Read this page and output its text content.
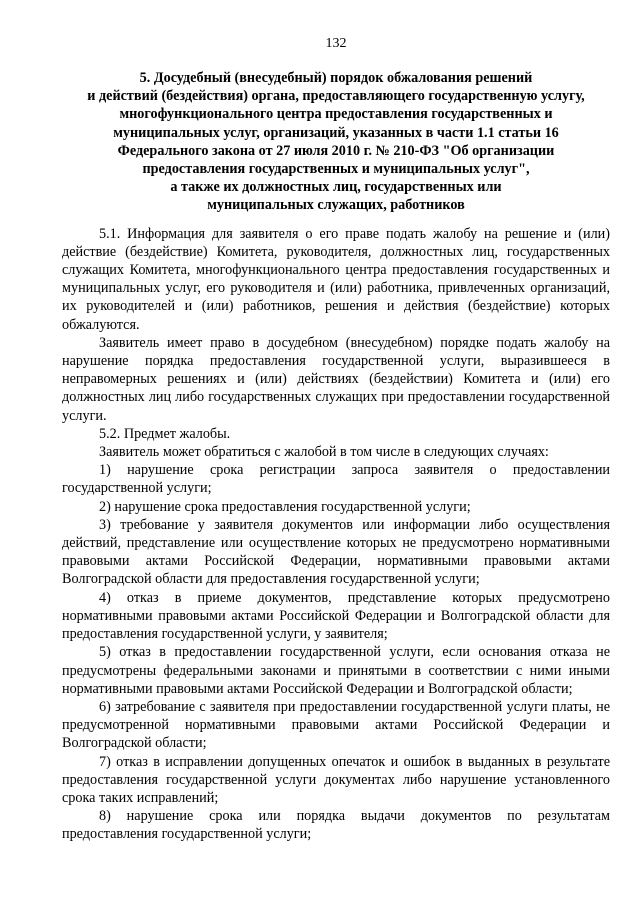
132
5. Досудебный (внесудебный) порядок обжалования решений
и действий (бездействия) органа, предоставляющего государственную услугу,
многофункционального центра предоставления государственных и
муниципальных услуг, организаций, указанных в части 1.1 статьи 16
Федерального закона от 27 июля 2010 г. № 210-ФЗ "Об организации
предоставления государственных и муниципальных услуг",
а также их должностных лиц, государственных или
муниципальных служащих, работников

5.1. Информация для заявителя о его праве подать жалобу на решение и (или) действие (бездействие) Комитета, руководителя, должностных лиц, государственных служащих Комитета, многофункционального центра предоставления государственных и муниципальных услуг, его руководителя и (или) работника, привлеченных организаций, их руководителей и (или) работников, решения и действия (бездействие) которых обжалуются.

Заявитель имеет право в досудебном (внесудебном) порядке подать жалобу на нарушение порядка предоставления государственной услуги, выразившееся в неправомерных решениях и (или) действиях (бездействии) Комитета и (или) его должностных лиц либо государственных служащих при предоставлении государственной услуги.

5.2. Предмет жалобы.

Заявитель может обратиться с жалобой в том числе в следующих случаях:

1) нарушение срока регистрации запроса заявителя о предоставлении государственной услуги;

2) нарушение срока предоставления государственной услуги;

3) требование у заявителя документов или информации либо осуществления действий, представление или осуществление которых не предусмотрено нормативными правовыми актами Российской Федерации, нормативными правовыми актами Волгоградской области для предоставления государственной услуги;

4) отказ в приеме документов, представление которых предусмотрено нормативными правовыми актами Российской Федерации и Волгоградской области для предоставления государственной услуги, у заявителя;

5) отказ в предоставлении государственной услуги, если основания отказа не предусмотрены федеральными законами и принятыми в соответствии с ними иными нормативными правовыми актами Российской Федерации и Волгоградской области;

6) затребование с заявителя при предоставлении государственной услуги платы, не предусмотренной нормативными правовыми актами Российской Федерации и Волгоградской области;

7) отказ в исправлении допущенных опечаток и ошибок в выданных в результате предоставления государственной услуги документах либо нарушение установленного срока таких исправлений;

8) нарушение срока или порядка выдачи документов по результатам предоставления государственной услуги;
